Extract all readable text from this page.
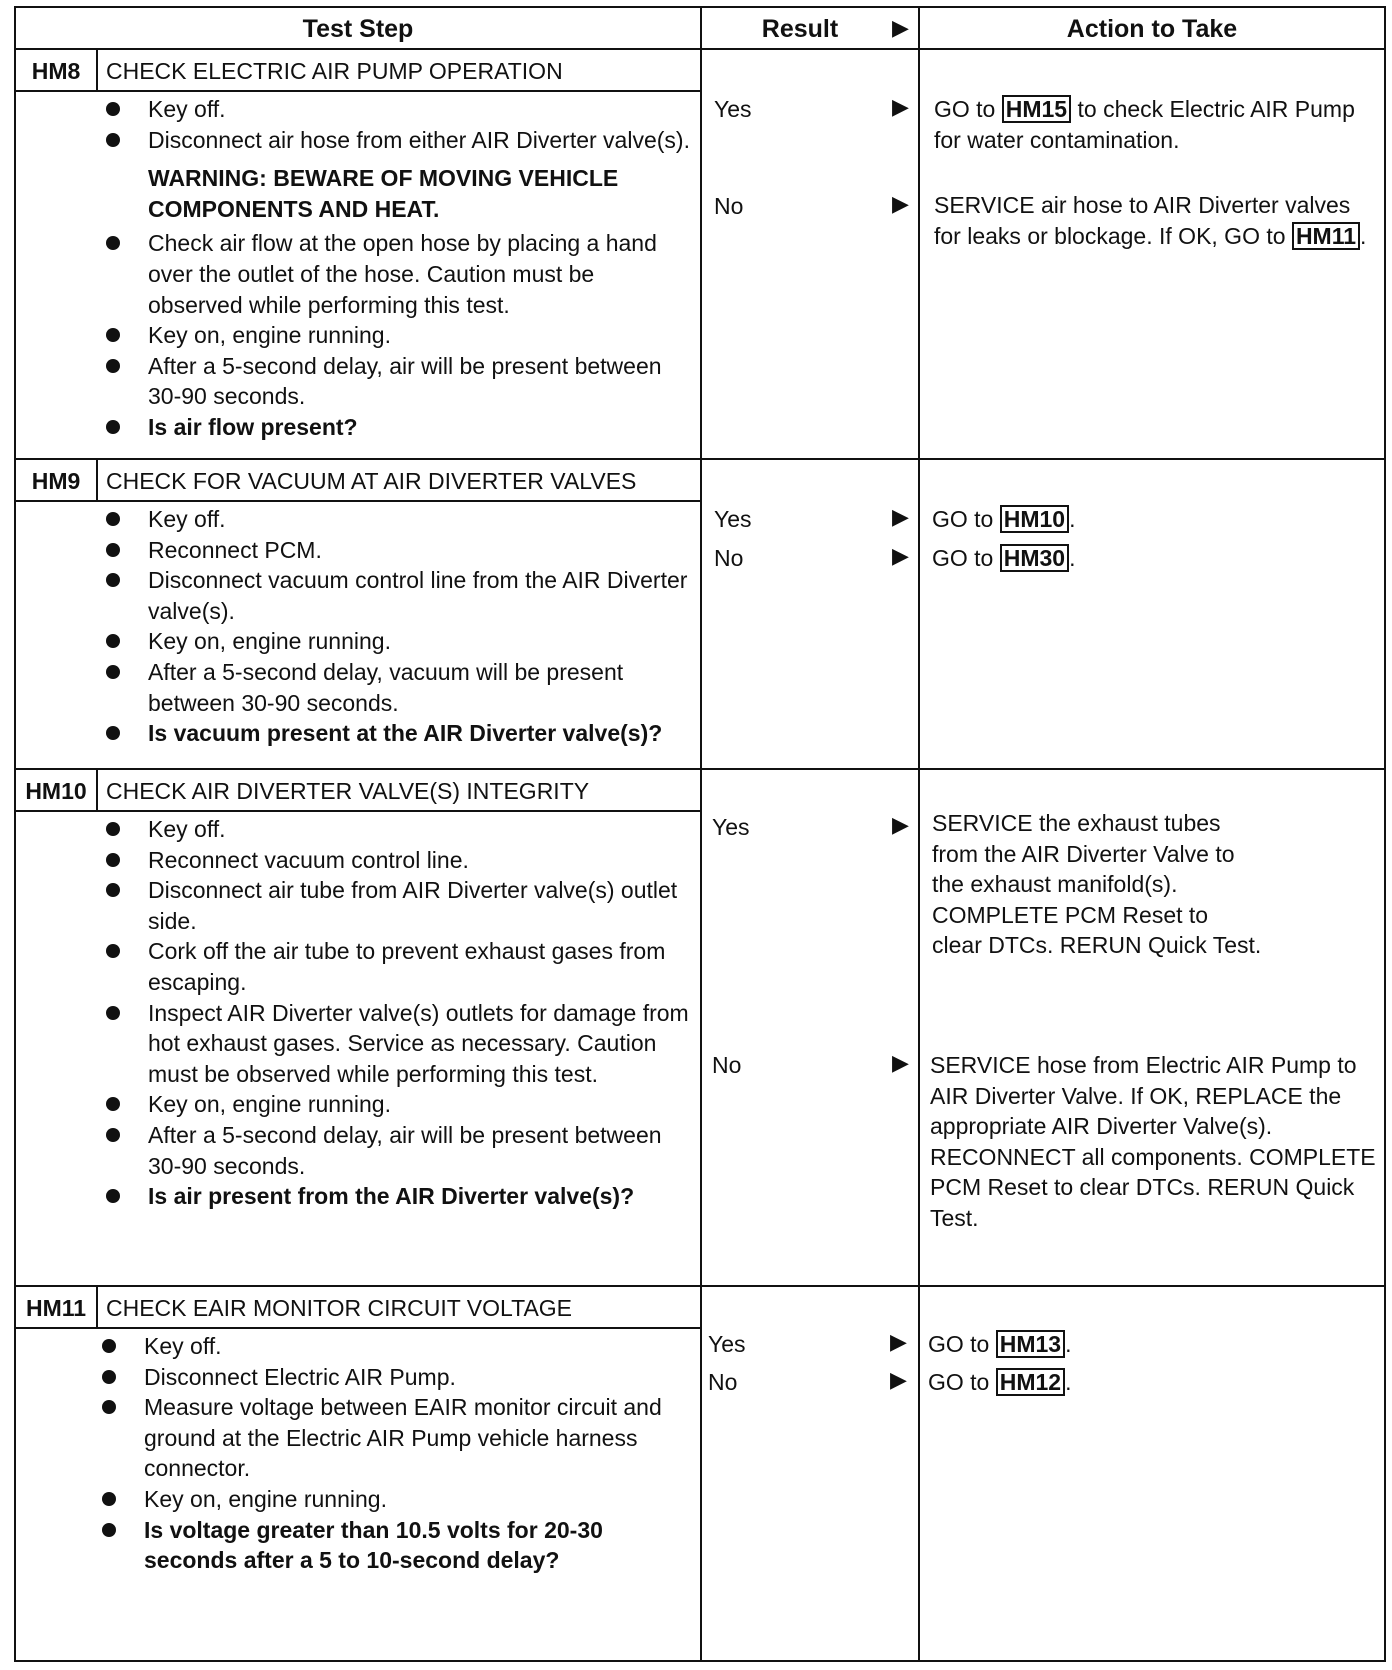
Test Step	Result	▶	Action to Take
HM8	CHECK ELECTRIC AIR PUMP OPERATION
Key off.
Disconnect air hose from either AIR Diverter valve(s).
WARNING: BEWARE OF MOVING VEHICLE COMPONENTS AND HEAT.
Check air flow at the open hose by placing a hand over the outlet of the hose. Caution must be observed while performing this test.
Key on, engine running.
After a 5-second delay, air will be present between 30-90 seconds.
Is air flow present?
Yes	▶ GO to HM15 to check Electric AIR Pump for water contamination.
No	▶ SERVICE air hose to AIR Diverter valves for leaks or blockage. If OK, GO to HM11 .
HM9	CHECK FOR VACUUM AT AIR DIVERTER VALVES
Key off.
Reconnect PCM.
Disconnect vacuum control line from the AIR Diverter valve(s).
Key on, engine running.
After a 5-second delay, vacuum will be present between 30-90 seconds.
Is vacuum present at the AIR Diverter valve(s)?
Yes	▶ GO to HM10 .
No	▶ GO to HM30 .
HM10 CHECK AIR DIVERTER VALVE(S) INTEGRITY
Key off.
Reconnect vacuum control line.
Disconnect air tube from AIR Diverter valve(s) outlet side.
Cork off the air tube to prevent exhaust gases from escaping.
Inspect AIR Diverter valve(s) outlets for damage from hot exhaust gases. Service as necessary. Caution must be observed while performing this test.
Key on, engine running.
After a 5-second delay, air will be present between 30-90 seconds.
Is air present from the AIR Diverter valve(s)?
Yes	▶ SERVICE the exhaust tubes from the AIR Diverter Valve to the exhaust manifold(s). COMPLETE PCM Reset to clear DTCs. RERUN Quick Test.
No	▶ SERVICE hose from Electric AIR Pump to AIR Diverter Valve. If OK, REPLACE the appropriate AIR Diverter Valve(s). RECONNECT all components. COMPLETE PCM Reset to clear DTCs. RERUN Quick Test.
HM11 CHECK EAIR MONITOR CIRCUIT VOLTAGE
Key off.
Disconnect Electric AIR Pump.
Measure voltage between EAIR monitor circuit and ground at the Electric AIR Pump vehicle harness connector.
Key on, engine running.
Is voltage greater than 10.5 volts for 20-30 seconds after a 5 to 10-second delay?
Yes	▶ GO to HM13 .
No	▶ GO to HM12 .
